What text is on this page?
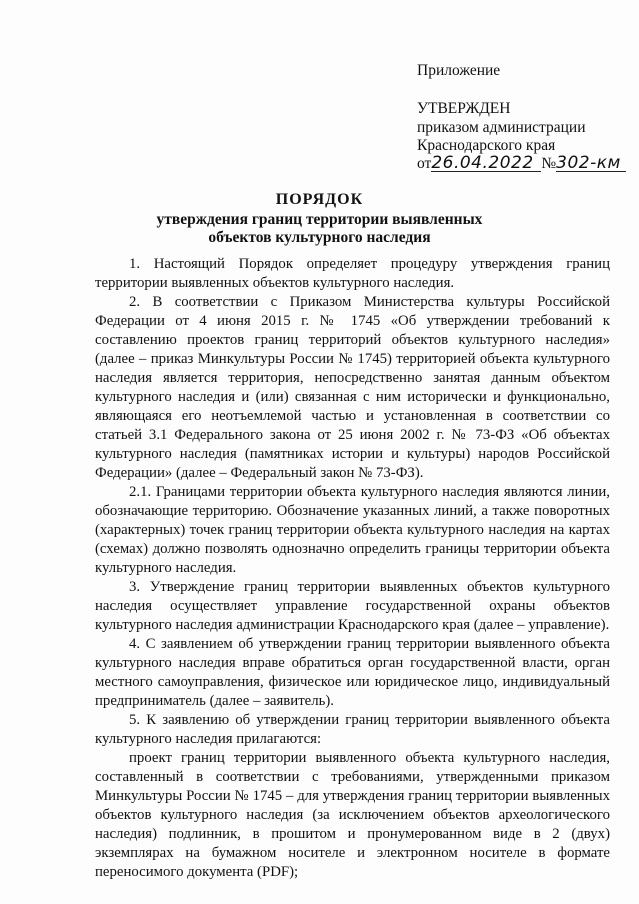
Приложение
УТВЕРЖДЕН
приказом администрации
Краснодарского края
от26.04.2022 №302-км
ПОРЯДОК
утверждения границ территории выявленных
объектов культурного наследия

1. Настоящий Порядок определяет процедуру утверждения границ территории выявленных объектов культурного наследия.

2. В соответствии с Приказом Министерства культуры Российской Федерации от 4 июня 2015 г. № 1745 «Об утверждении требований к составлению проектов границ территорий объектов культурного наследия» (далее – приказ Минкультуры России № 1745) территорией объекта культурного наследия является территория, непосредственно занятая данным объектом культурного наследия и (или) связанная с ним исторически и функционально, являющаяся его неотъемлемой частью и установленная в соответствии со статьей 3.1 Федерального закона от 25 июня 2002 г. № 73-ФЗ «Об объектах культурного наследия (памятниках истории и культуры) народов Российской Федерации» (далее – Федеральный закон № 73-ФЗ).

2.1. Границами территории объекта культурного наследия являются линии, обозначающие территорию. Обозначение указанных линий, а также поворотных (характерных) точек границ территории объекта культурного наследия на картах (схемах) должно позволять однозначно определить границы территории объекта культурного наследия.

3. Утверждение границ территории выявленных объектов культурного наследия осуществляет управление государственной охраны объектов культурного наследия администрации Краснодарского края (далее – управление).

4. С заявлением об утверждении границ территории выявленного объекта культурного наследия вправе обратиться орган государственной власти, орган местного самоуправления, физическое или юридическое лицо, индивидуальный предприниматель (далее – заявитель).

5. К заявлению об утверждении границ территории выявленного объекта культурного наследия прилагаются:

проект границ территории выявленного объекта культурного наследия, составленный в соответствии с требованиями, утвержденными приказом Минкультуры России № 1745 – для утверждения границ территории выявленных объектов культурного наследия (за исключением объектов археологического наследия) подлинник, в прошитом и пронумерованном виде в 2 (двух) экземплярах на бумажном носителе и электронном носителе в формате переносимого документа (PDF);
